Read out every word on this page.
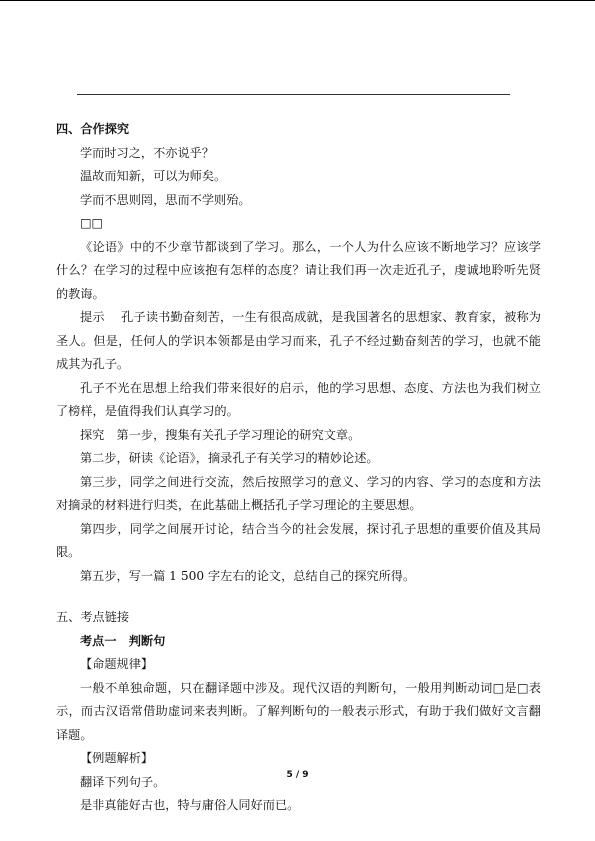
四、合作探究

学而时习之，不亦说乎？

温故而知新，可以为师矣。

学而不思则罔，思而不学则殆。

□□

《论语》中的不少章节都谈到了学习。那么，一个人为什么应该不断地学习？应该学什么？在学习的过程中应该抱有怎样的态度？请让我们再一次走近孔子，虔诚地聆听先贤的教诲。

提示　 孔子读书勤奋刻苦，一生有很高成就，是我国著名的思想家、教育家，被称为圣人。但是，任何人的学识本领都是由学习而来，孔子不经过勤奋刻苦的学习，也就不能成其为孔子。

孔子不光在思想上给我们带来很好的启示，他的学习思想、态度、方法也为我们树立了榜样，是值得我们认真学习的。

探究　第一步，搜集有关孔子学习理论的研究文章。

第二步，研读《论语》，摘录孔子有关学习的精妙论述。

第三步，同学之间进行交流，然后按照学习的意义、学习的内容、学习的态度和方法对摘录的材料进行归类，在此基础上概括孔子学习理论的主要思想。

第四步，同学之间展开讨论，结合当今的社会发展，探讨孔子思想的重要价值及其局限。

第五步，写一篇 1 500 字左右的论文，总结自己的探究所得。

五、考点链接

考点一　判断句

【命题规律】

一般不单独命题，只在翻译题中涉及。现代汉语的判断句，一般用判断动词□是□表示，而古汉语常借助虚词来表判断。了解判断句的一般表示形式，有助于我们做好文言翻译题。

【例题解析】

翻译下列句子。

是非真能好古也，特与庸俗人同好而已。

5 / 9
